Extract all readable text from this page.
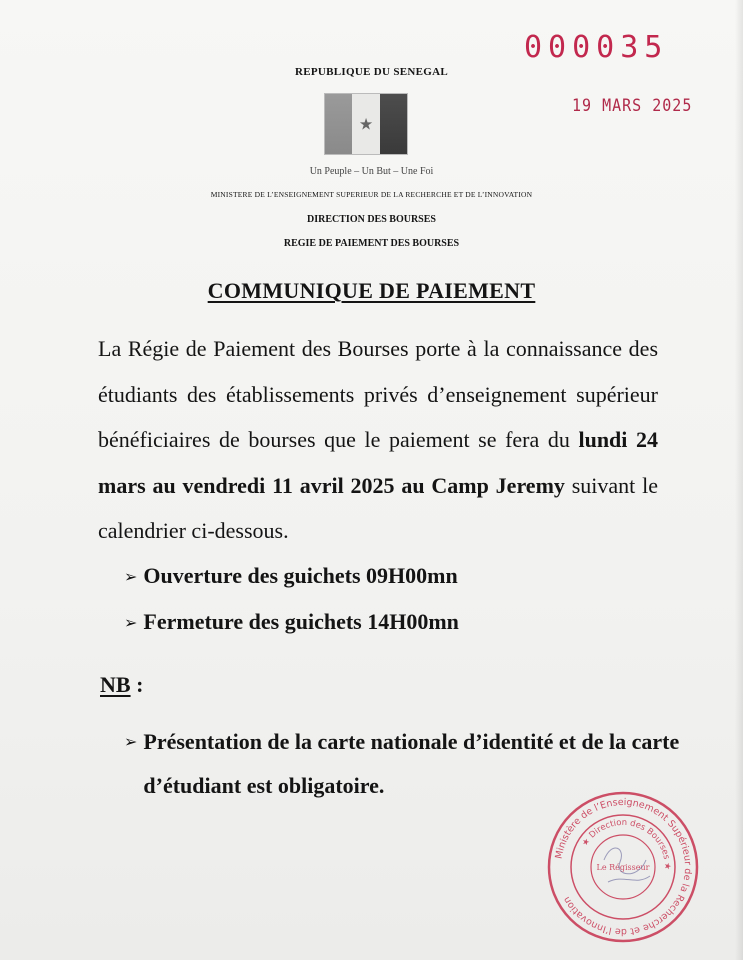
000035
19 MARS 2025
REPUBLIQUE DU SENEGAL
★
Un Peuple – Un But – Une Foi
MINISTERE DE L’ENSEIGNEMENT SUPERIEUR DE LA RECHERCHE ET DE L’INNOVATION
DIRECTION DES BOURSES
REGIE DE PAIEMENT DES BOURSES
COMMUNIQUE DE PAIEMENT
La Régie de Paiement des Bourses porte à la connaissance des étudiants des établissements privés d’enseignement supérieur bénéficiaires de bourses que le paiement se fera du lundi 24 mars au vendredi 11 avril 2025 au Camp Jeremy suivant le calendrier ci-dessous.
➢ Ouverture des guichets 09H00mn
➢ Fermeture des guichets 14H00mn
NB :
➢ Présentation de la carte nationale d’identité et de la carte d’étudiant est obligatoire.
Ministère de l’Enseignement Supérieur de la Recherche et de l’Innovation
★ Direction des Bourses ★
Le Régisseur
